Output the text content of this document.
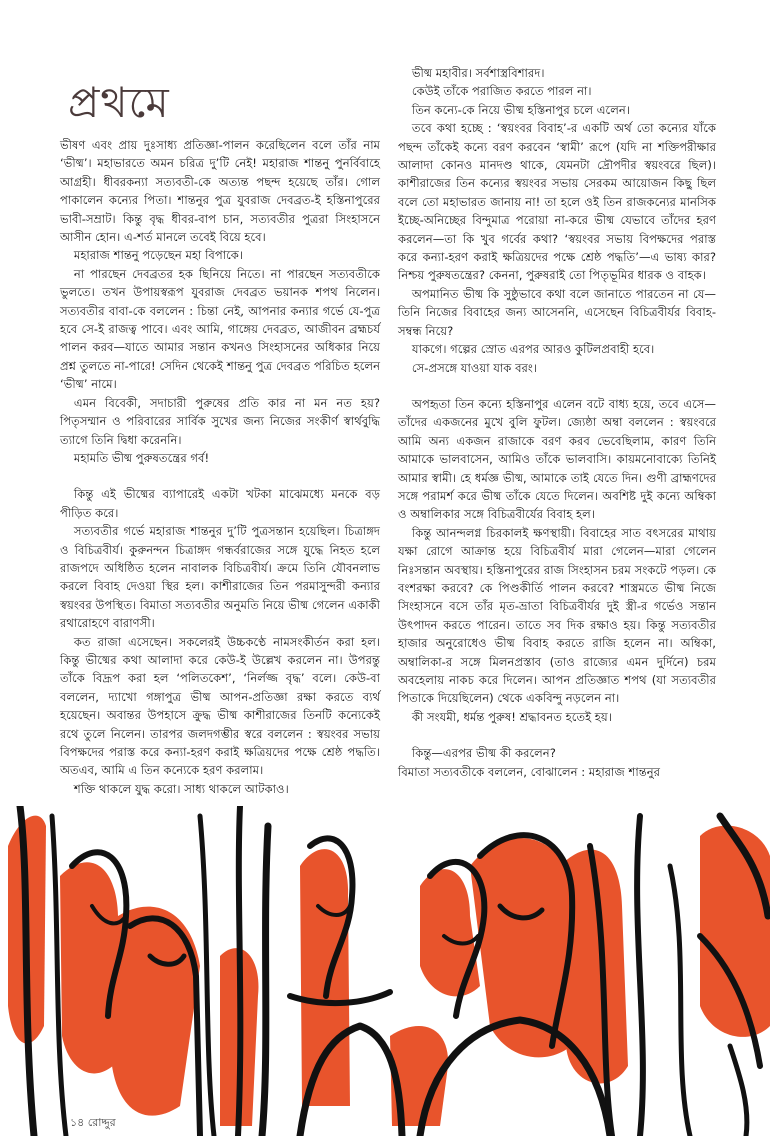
প্রথমে

ভীষণ এবং প্রায় দুঃসাধ্য প্রতিজ্ঞা-পালন করেছিলেন বলে তাঁর নাম ‘ভীষ্ম’। মহাভারতে অমন চরিত্র দু’টি নেই! মহারাজ শান্তনু পুনর্বিবাহে আগ্রহী। ধীবরকন্যা সত্যবতী-কে অত্যন্ত পছন্দ হয়েছে তাঁর। গোল পাকালেন কন্যের পিতা। শান্তনুর পুত্র যুবরাজ দেবব্রত-ই হস্তিনাপুরের ভাবী-সম্রাট। কিন্তু বৃদ্ধ ধীবর-বাপ চান, সত্যবতীর পুত্ররা সিংহাসনে আসীন হোন। এ-শর্ত মানলে তবেই বিয়ে হবে।

মহারাজ শান্তনু পড়েছেন মহা বিপাকে।

না পারছেন দেবব্রতর হক ছিনিয়ে নিতে। না পারছেন সত্যবতীকে ভুলতে। তখন উপায়স্বরূপ যুবরাজ দেবব্রত ভয়ানক শপথ নিলেন। সত্যবতীর বাবা-কে বললেন : চিন্তা নেই, আপনার কন্যার গর্ভে যে-পুত্র হবে সে-ই রাজত্ব পাবে। এবং আমি, গাঙ্গেয় দেবব্রত, আজীবন ব্রহ্মচর্য পালন করব—যাতে আমার সন্তান কখনও সিংহাসনের অধিকার নিয়ে প্রশ্ন তুলতে না-পারে! সেদিন থেকেই শান্তনু পুত্র দেবব্রত পরিচিত হলেন ‘ভীষ্ম’ নামে।

এমন বিবেকী, সদাচারী পুরুষের প্রতি কার না মন নত হয়? পিতৃসম্মান ও পরিবারের সার্বিক সুখের জন্য নিজের সংকীর্ণ স্বার্থবুদ্ধি ত্যাগে তিনি দ্বিধা করেননি।

মহামতি ভীষ্ম পুরুষতন্ত্রের গর্ব!

কিন্তু এই ভীষ্মের ব্যাপারেই একটা খটকা মাঝেমধ্যে মনকে বড় পীড়িত করে।

সত্যবতীর গর্ভে মহারাজ শান্তনুর দু’টি পুত্রসন্তান হয়েছিল। চিত্রাঙ্গদ ও বিচিত্রবীর্য। কুরুনন্দন চিত্রাঙ্গদ গন্ধর্বরাজের সঙ্গে যুদ্ধে নিহত হলে রাজপদে অধিষ্ঠিত হলেন নাবালক বিচিত্রবীর্য। ক্রমে তিনি যৌবনলাভ করলে বিবাহ দেওয়া স্থির হল। কাশীরাজের তিন পরমাসুন্দরী কন্যার স্বয়ংবর উপস্থিত। বিমাতা সত্যবতীর অনুমতি নিয়ে ভীষ্ম গেলেন একাকী রথারোহণে বারাণসী।

কত রাজা এসেছেন। সকলেরই উচ্চকণ্ঠে নামসংকীর্তন করা হল। কিন্তু ভীষ্মের কথা আলাদা করে কেউ-ই উল্লেখ করলেন না। উপরন্তু তাঁকে বিদ্রূপ করা হল ‘পলিতকেশ’, ‘নির্লজ্জ বৃদ্ধ’ বলে। কেউ-বা বললেন, দ্যাখো গঙ্গাপুত্র ভীষ্ম আপন-প্রতিজ্ঞা রক্ষা করতে ব্যর্থ হয়েছেন। অবান্তর উপহাসে ক্রুদ্ধ ভীষ্ম কাশীরাজের তিনটি কন্যেকেই রথে তুলে নিলেন। তারপর জলদগম্ভীর স্বরে বললেন : স্বয়ংবর সভায় বিপক্ষদের পরাস্ত করে কন্যা-হরণ করাই ক্ষত্রিয়দের পক্ষে শ্রেষ্ঠ পদ্ধতি। অতএব, আমি এ তিন কন্যেকে হরণ করলাম।

শক্তি থাকলে যুদ্ধ করো। সাধ্য থাকলে আটকাও।

ভীষ্ম মহাবীর। সর্বশাস্ত্রবিশারদ।

কেউই তাঁকে পরাজিত করতে পারল না।

তিন কন্যে-কে নিয়ে ভীষ্ম হস্তিনাপুর চলে এলেন।

তবে কথা হচ্ছে : ‘স্বয়ংবর বিবাহ’-র একটি অর্থ তো কন্যের যাঁকে পছন্দ তাঁকেই কন্যে বরণ করবেন ‘স্বামী’ রূপে (যদি না শক্তিপরীক্ষার আলাদা কোনও মানদণ্ড থাকে, যেমনটা দ্রৌপদীর স্বয়ংবরে ছিল)। কাশীরাজের তিন কন্যের স্বয়ংবর সভায় সেরকম আয়োজন কিছু ছিল বলে তো মহাভারত জানায় না! তা হলে ওই তিন রাজকন্যের মানসিক ইচ্ছে-অনিচ্ছের বিন্দুমাত্র পরোয়া না-করে ভীষ্ম যেভাবে তাঁদের হরণ করলেন—তা কি খুব গর্বের কথা? ‘স্বয়ংবর সভায় বিপক্ষদের পরাস্ত করে কন্যা-হরণ করাই ক্ষত্রিয়দের পক্ষে শ্রেষ্ঠ পদ্ধতি’—এ ভাষ্য কার? নিশ্চয় পুরুষতন্ত্রের? কেননা, পুরুষরাই তো পিতৃভূমির ধারক ও বাহক।

অপমানিত ভীষ্ম কি সুষ্ঠুভাবে কথা বলে জানাতে পারতেন না যে—তিনি নিজের বিবাহের জন্য আসেননি, এসেছেন বিচিত্রবীর্যর বিবাহ-সম্বন্ধ নিয়ে?

যাকগে। গল্পের স্রোত এরপর আরও কুটিলপ্রবাহী হবে।

সে-প্রসঙ্গে যাওয়া যাক বরং।

অপহৃতা তিন কন্যে হস্তিনাপুর এলেন বটে বাধ্য হয়ে, তবে এসে—তাঁদের একজনের মুখে বুলি ফুটল। জ্যেষ্ঠা অম্বা বললেন : স্বয়ংবরে আমি অন্য একজন রাজাকে বরণ করব ভেবেছিলাম, কারণ তিনি আমাকে ভালবাসেন, আমিও তাঁকে ভালবাসি। কায়মনোবাক্যে তিনিই আমার স্বামী। হে ধর্মজ্ঞ ভীষ্ম, আমাকে তাই যেতে দিন। গুণী ব্রাহ্মণদের সঙ্গে পরামর্শ করে ভীষ্ম তাঁকে যেতে দিলেন। অবশিষ্ট দুই কন্যে অম্বিকা ও অম্বালিকার সঙ্গে বিচিত্রবীর্যের বিবাহ হল।

কিন্তু আনন্দলগ্ন চিরকালই ক্ষণস্থায়ী। বিবাহের সাত বৎসরের মাথায় যক্ষা রোগে আক্রান্ত হয়ে বিচিত্রবীর্য মারা গেলেন—মারা গেলেন নিঃসন্তান অবস্থায়। হস্তিনাপুরের রাজ সিংহাসন চরম সংকটে পড়ল। কে বংশরক্ষা করবে? কে পিণ্ডকীর্তি পালন করবে? শাস্ত্রমতে ভীষ্ম নিজে সিংহাসনে বসে তাঁর মৃত-ভ্রাতা বিচিত্রবীর্যর দুই স্ত্রী-র গর্ভেও সন্তান উৎপাদন করতে পারেন। তাতে সব দিক রক্ষাও হয়। কিন্তু সত্যবতীর হাজার অনুরোধেও ভীষ্ম বিবাহ করতে রাজি হলেন না। অম্বিকা, অম্বালিকা-র সঙ্গে মিলনপ্রস্তাব (তাও রাজ্যের এমন দুর্দিনে) চরম অবহেলায় নাকচ করে দিলেন। আপন প্রতিজ্ঞাত শপথ (যা সত্যবতীর পিতাকে দিয়েছিলেন) থেকে একবিন্দু নড়লেন না।

কী সংযমী, ধর্মন্ত পুরুষ! শ্রদ্ধাবনত হতেই হয়।

কিন্তু—এরপর ভীষ্ম কী করলেন?

বিমাতা সত্যবতীকে বললেন, বোঝালেন : মহারাজ শান্তনুর

১৪ রোদ্দুর
